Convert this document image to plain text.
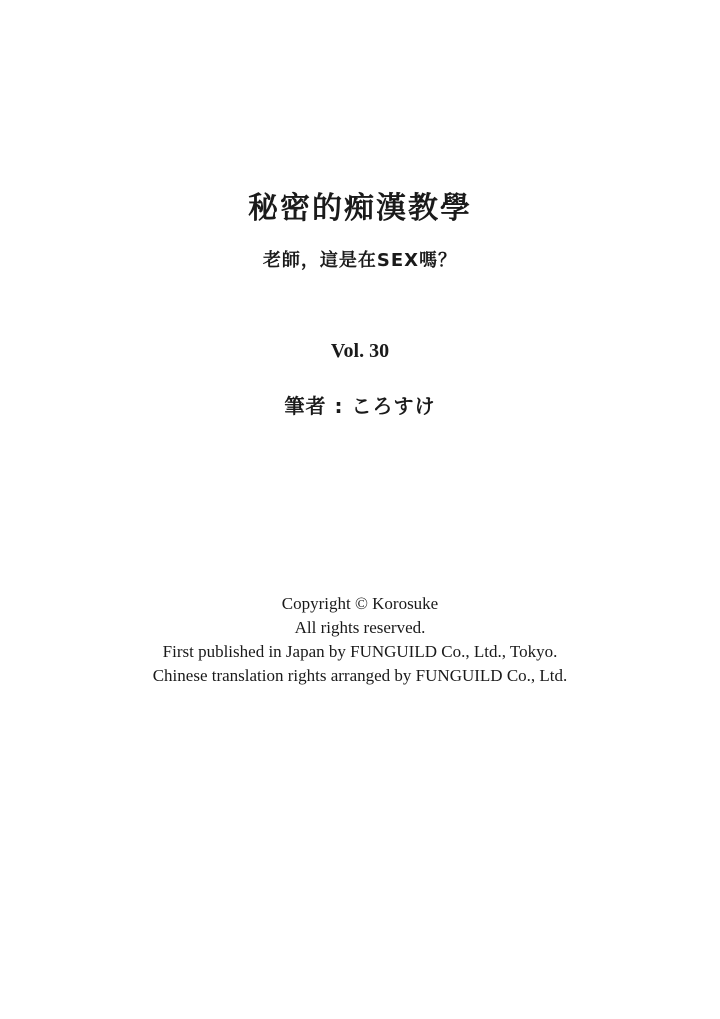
秘密的痴漢教學
老師，這是在SEX嗎？
Vol. 30
筆者 : ころすけ
Copyright © Korosuke
All rights reserved.
First published in Japan by FUNGUILD Co., Ltd., Tokyo.
Chinese translation rights arranged by FUNGUILD Co., Ltd.
